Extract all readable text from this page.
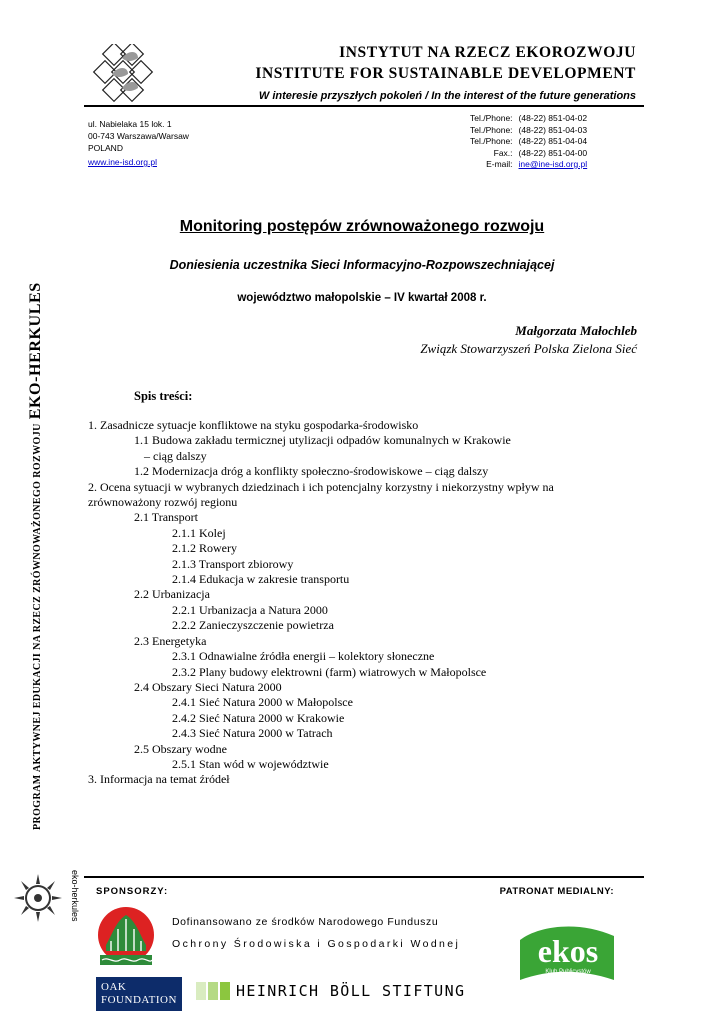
INSTYTUT NA RZECZ EKOROZWOJU
INSTITUTE FOR SUSTAINABLE DEVELOPMENT
W interesie przyszłych pokoleń / In the interest of the future generations
ul. Nabielaka 15 lok. 1
00-743 Warszawa/Warsaw
POLAND
www.ine-isd.org.pl
Tel./Phone:	(48-22) 851-04-02
Tel./Phone:	(48-22) 851-04-03
Tel./Phone:	(48-22) 851-04-04
Fax.:	(48-22) 851-04-00
E-mail:	ine@ine-isd.org.pl
PROGRAM AKTYWNEJ EDUKACJI NA RZECZ ZRÓWNOWAŻONEGO ROZWOJU EKO-HERKULES
Monitoring postępów zrównoważonego rozwoju
Doniesienia uczestnika Sieci Informacyjno-Rozpowszechniającej
województwo małopolskie – IV kwartał 2008 r.
Małgorzata Małochleb
Związk Stowarzyszeń Polska Zielona Sieć
Spis treści:
1. Zasadnicze sytuacje konfliktowe na styku gospodarka-środowisko
1.1 Budowa zakładu termicznej utylizacji odpadów komunalnych w Krakowie
– ciąg dalszy
1.2 Modernizacja dróg a konflikty społeczno-środowiskowe – ciąg dalszy
2. Ocena sytuacji w wybranych dziedzinach i ich potencjalny korzystny i niekorzystny wpływ na
zrównoważony rozwój regionu
2.1 Transport
2.1.1 Kolej
2.1.2 Rowery
2.1.3 Transport zbiorowy
2.1.4 Edukacja w zakresie transportu
2.2 Urbanizacja
2.2.1 Urbanizacja a Natura 2000
2.2.2 Zanieczyszczenie powietrza
2.3 Energetyka
2.3.1 Odnawialne źródła energii – kolektory słoneczne
2.3.2 Plany budowy elektrowni (farm) wiatrowych w Małopolsce
2.4 Obszary Sieci Natura 2000
2.4.1 Sieć Natura 2000 w Małopolsce
2.4.2 Sieć Natura 2000 w Krakowie
2.4.3 Sieć Natura 2000 w Tatrach
2.5 Obszary wodne
2.5.1 Stan wód w województwie
3. Informacja na temat źródeł
eko-herkules SPONSORZY:	PATRONAT MEDIALNY:
Dofinansowano ze środków Narodowego Funduszu
Ochrony Środowiska i Gospodarki Wodnej
OAK
FOUNDATION	HEINRICH BÖLL STIFTUNG
ekos
Klub Publicystów
Ochrony Środowiska
